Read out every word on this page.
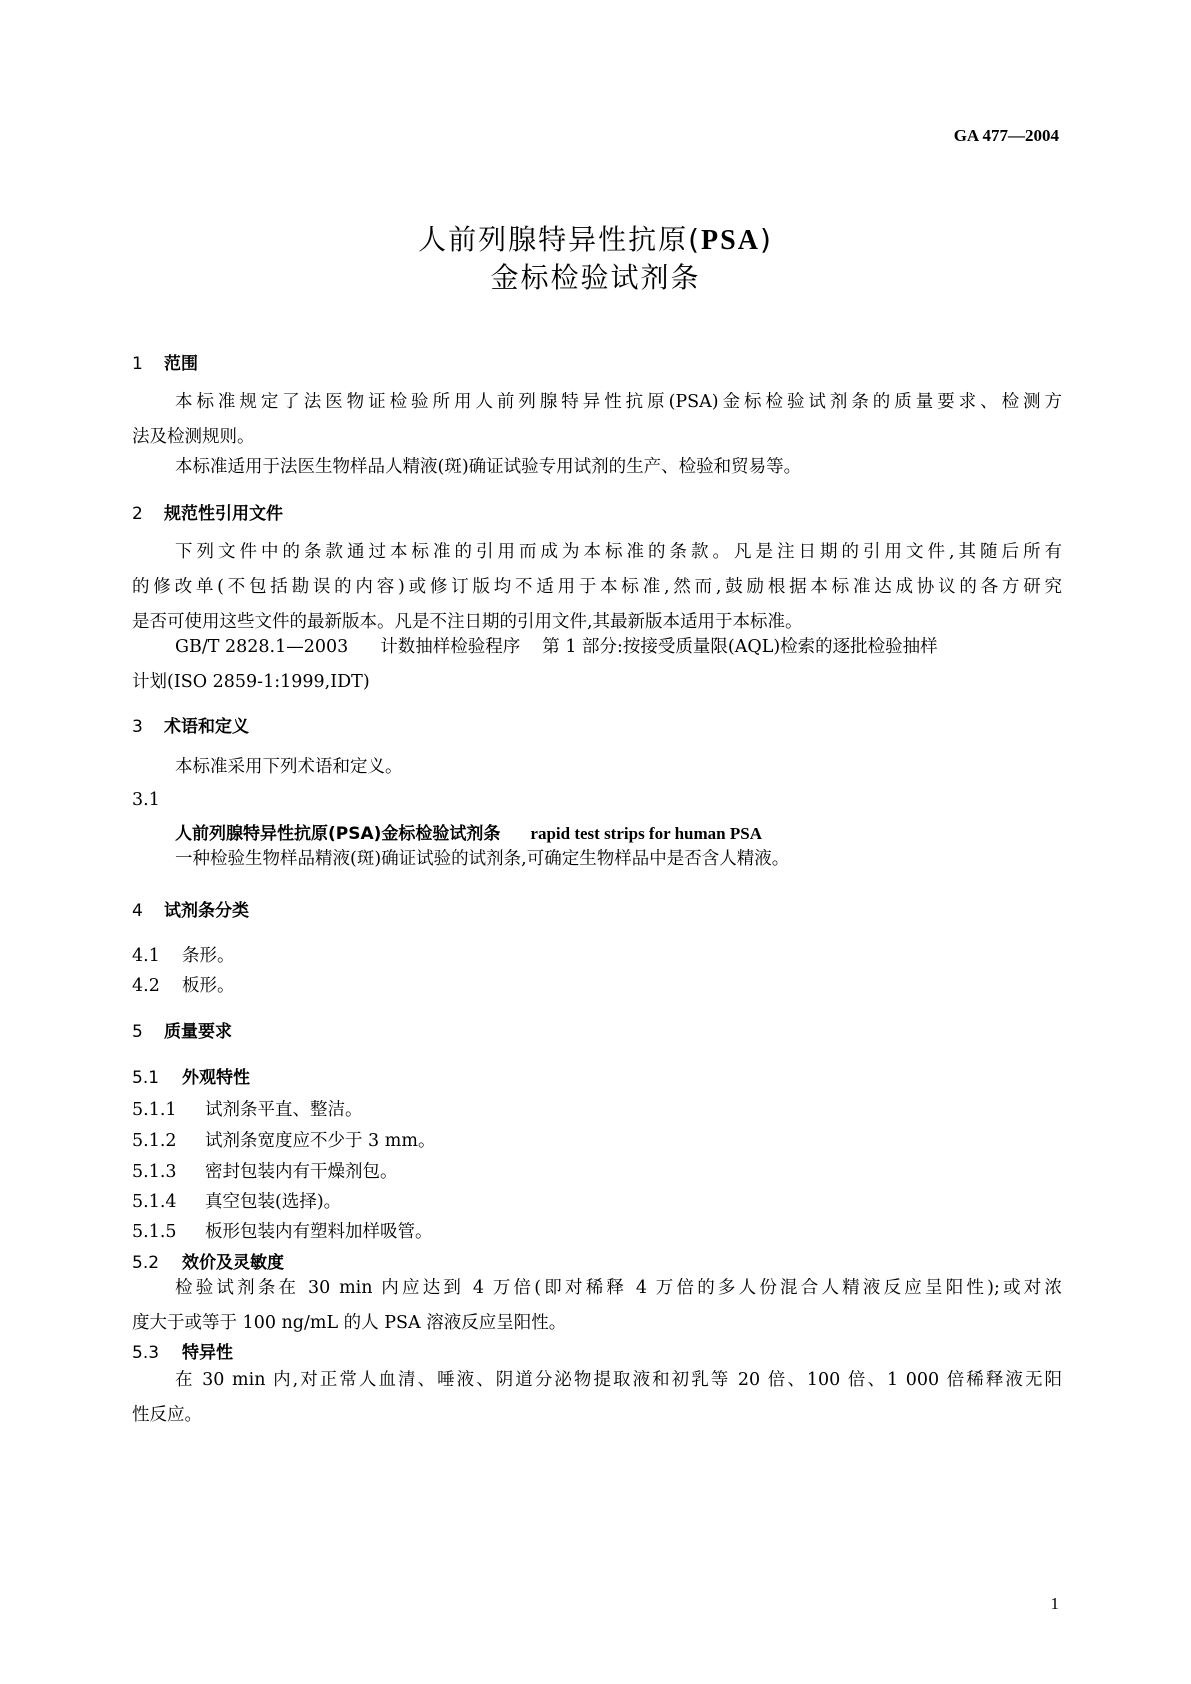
GA 477—2004
人前列腺特异性抗原(PSA)
金标检验试剂条
1 范围
本标准规定了法医物证检验所用人前列腺特异性抗原(PSA)金标检验试剂条的质量要求、检测方
法及检测规则。
本标准适用于法医生物样品人精液(斑)确证试验专用试剂的生产、检验和贸易等。
2 规范性引用文件
下列文件中的条款通过本标准的引用而成为本标准的条款。凡是注日期的引用文件,其随后所有
的修改单(不包括勘误的内容)或修订版均不适用于本标准,然而,鼓励根据本标准达成协议的各方研究
是否可使用这些文件的最新版本。凡是不注日期的引用文件,其最新版本适用于本标准。
GB/T 2828.1—2003 计数抽样检验程序 第 1 部分:按接受质量限(AQL)检索的逐批检验抽样
计划(ISO 2859-1:1999,IDT)
3 术语和定义
本标准采用下列术语和定义。
3.1
人前列腺特异性抗原(PSA)金标检验试剂条 rapid test strips for human PSA
一种检验生物样品精液(斑)确证试验的试剂条,可确定生物样品中是否含人精液。
4 试剂条分类
4.1 条形。
4.2 板形。
5 质量要求
5.1 外观特性
5.1.1 试剂条平直、整洁。
5.1.2 试剂条宽度应不少于 3 mm。
5.1.3 密封包装内有干燥剂包。
5.1.4 真空包装(选择)。
5.1.5 板形包装内有塑料加样吸管。
5.2 效价及灵敏度
检验试剂条在 30 min 内应达到 4 万倍(即对稀释 4 万倍的多人份混合人精液反应呈阳性);或对浓
度大于或等于 100 ng/mL 的人 PSA 溶液反应呈阳性。
5.3 特异性
在 30 min 内,对正常人血清、唾液、阴道分泌物提取液和初乳等 20 倍、100 倍、1 000 倍稀释液无阳
性反应。
1
